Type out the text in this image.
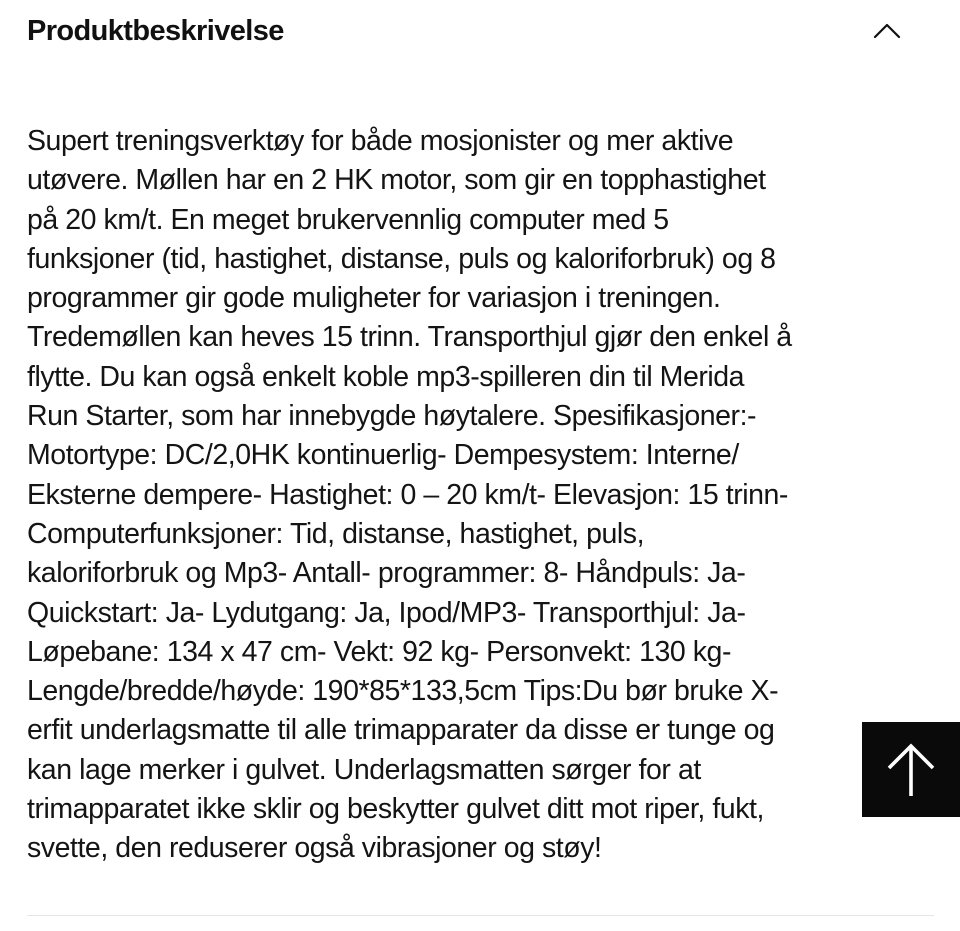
Produktbeskrivelse

Supert treningsverktøy for både mosjonister og mer aktive
utøvere. Møllen har en 2 HK motor, som gir en topphastighet
på 20 km/t. En meget brukervennlig computer med 5
funksjoner (tid, hastighet, distanse, puls og kaloriforbruk) og 8
programmer gir gode muligheter for variasjon i treningen.
Tredemøllen kan heves 15 trinn. Transporthjul gjør den enkel å
flytte. Du kan også enkelt koble mp3-spilleren din til Merida
Run Starter, som har innebygde høytalere. Spesifikasjoner:-
Motortype: DC/2,0HK kontinuerlig- Dempesystem: Interne/
Eksterne dempere- Hastighet: 0 – 20 km/t- Elevasjon: 15 trinn-
Computerfunksjoner: Tid, distanse, hastighet, puls,
kaloriforbruk og Mp3- Antall- programmer: 8- Håndpuls: Ja-
Quickstart: Ja- Lydutgang: Ja, Ipod/MP3- Transporthjul: Ja-
Løpebane: 134 x 47 cm- Vekt: 92 kg- Personvekt: 130 kg-
Lengde/bredde/høyde: 190*85*133,5cm Tips:Du bør bruke X-
erfit underlagsmatte til alle trimapparater da disse er tunge og
kan lage merker i gulvet. Underlagsmatten sørger for at
trimapparatet ikke sklir og beskytter gulvet ditt mot riper, fukt,
svette, den reduserer også vibrasjoner og støy!
